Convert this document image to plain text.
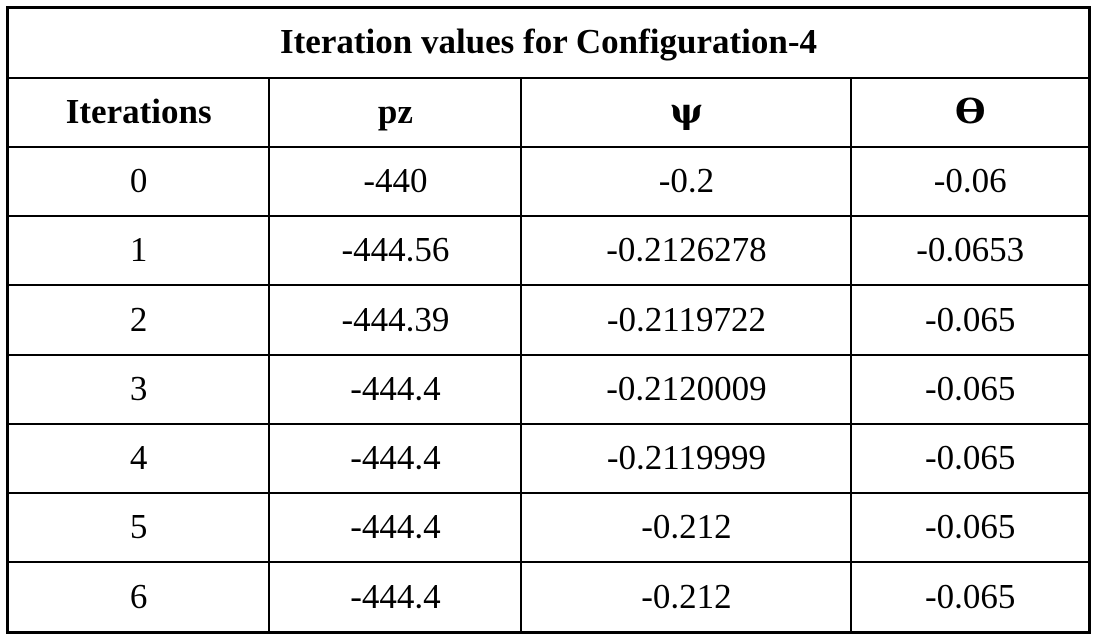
Iteration values for Configuration-4			
Iterations	pz	ψ	Ɵ
0	-440	-0.2	-0.06
1	-444.56	-0.2126278	-0.0653
2	-444.39	-0.2119722	-0.065
3	-444.4	-0.2120009	-0.065
4	-444.4	-0.2119999	-0.065
5	-444.4	-0.212	-0.065
6	-444.4	-0.212	-0.065
